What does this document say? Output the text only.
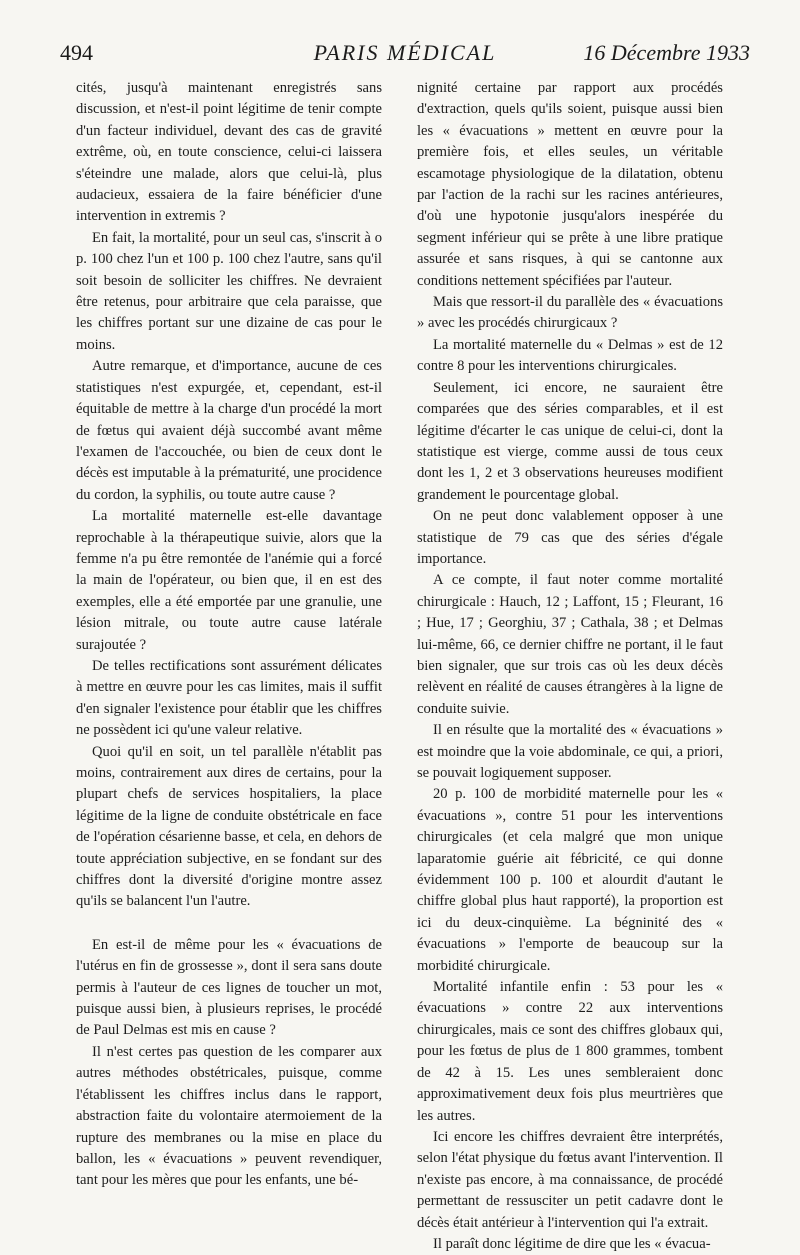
494	PARIS MÉDICAL	16 Décembre 1933

cités, jusqu'à maintenant enregistrés sans discussion, et n'est-il point légitime de tenir compte d'un facteur individuel, devant des cas de gravité extrême, où, en toute conscience, celui-ci laissera s'éteindre une malade, alors que celui-là, plus audacieux, essaiera de la faire bénéficier d'une intervention in extremis ?

En fait, la mortalité, pour un seul cas, s'inscrit à o p. 100 chez l'un et 100 p. 100 chez l'autre, sans qu'il soit besoin de solliciter les chiffres. Ne devraient être retenus, pour arbitraire que cela paraisse, que les chiffres portant sur une dizaine de cas pour le moins.

Autre remarque, et d'importance, aucune de ces statistiques n'est expurgée, et, cependant, est-il équitable de mettre à la charge d'un procédé la mort de fœtus qui avaient déjà succombé avant même l'examen de l'accouchée, ou bien de ceux dont le décès est imputable à la prématurité, une procidence du cordon, la syphilis, ou toute autre cause ?

La mortalité maternelle est-elle davantage reprochable à la thérapeutique suivie, alors que la femme n'a pu être remontée de l'anémie qui a forcé la main de l'opérateur, ou bien que, il en est des exemples, elle a été emportée par une granulie, une lésion mitrale, ou toute autre cause latérale surajoutée ?

De telles rectifications sont assurément délicates à mettre en œuvre pour les cas limites, mais il suffit d'en signaler l'existence pour établir que les chiffres ne possèdent ici qu'une valeur relative.

Quoi qu'il en soit, un tel parallèle n'établit pas moins, contrairement aux dires de certains, pour la plupart chefs de services hospitaliers, la place légitime de la ligne de conduite obstétricale en face de l'opération césarienne basse, et cela, en dehors de toute appréciation subjective, en se fondant sur des chiffres dont la diversité d'origine montre assez qu'ils se balancent l'un l'autre.

En est-il de même pour les « évacuations de l'utérus en fin de grossesse », dont il sera sans doute permis à l'auteur de ces lignes de toucher un mot, puisque aussi bien, à plusieurs reprises, le procédé de Paul Delmas est mis en cause ?

Il n'est certes pas question de les comparer aux autres méthodes obstétricales, puisque, comme l'établissent les chiffres inclus dans le rapport, abstraction faite du volontaire atermoiement de la rupture des membranes ou la mise en place du ballon, les « évacuations » peuvent revendiquer, tant pour les mères que pour les enfants, une bé-

nignité certaine par rapport aux procédés d'extraction, quels qu'ils soient, puisque aussi bien les « évacuations » mettent en œuvre pour la première fois, et elles seules, un véritable escamotage physiologique de la dilatation, obtenu par l'action de la rachi sur les racines antérieures, d'où une hypotonie jusqu'alors inespérée du segment inférieur qui se prête à une libre pratique assurée et sans risques, à qui se cantonne aux conditions nettement spécifiées par l'auteur.

Mais que ressort-il du parallèle des « évacuations » avec les procédés chirurgicaux ?

La mortalité maternelle du « Delmas » est de 12 contre 8 pour les interventions chirurgicales.

Seulement, ici encore, ne sauraient être comparées que des séries comparables, et il est légitime d'écarter le cas unique de celui-ci, dont la statistique est vierge, comme aussi de tous ceux dont les 1, 2 et 3 observations heureuses modifient grandement le pourcentage global.

On ne peut donc valablement opposer à une statistique de 79 cas que des séries d'égale importance.

A ce compte, il faut noter comme mortalité chirurgicale : Hauch, 12 ; Laffont, 15 ; Fleurant, 16 ; Hue, 17 ; Georghiu, 37 ; Cathala, 38 ; et Delmas lui-même, 66, ce dernier chiffre ne portant, il le faut bien signaler, que sur trois cas où les deux décès relèvent en réalité de causes étrangères à la ligne de conduite suivie.

Il en résulte que la mortalité des « évacuations » est moindre que la voie abdominale, ce qui, a priori, se pouvait logiquement supposer.

20 p. 100 de morbidité maternelle pour les « évacuations », contre 51 pour les interventions chirurgicales (et cela malgré que mon unique laparatomie guérie ait fébricité, ce qui donne évidemment 100 p. 100 et alourdit d'autant le chiffre global plus haut rapporté), la proportion est ici du deux-cinquième. La bégninité des « évacuations » l'emporte de beaucoup sur la morbidité chirurgicale.

Mortalité infantile enfin : 53 pour les « évacuations » contre 22 aux interventions chirurgicales, mais ce sont des chiffres globaux qui, pour les fœtus de plus de 1 800 grammes, tombent de 42 à 15. Les unes sembleraient donc approximativement deux fois plus meurtrières que les autres.

Ici encore les chiffres devraient être interprétés, selon l'état physique du fœtus avant l'intervention. Il n'existe pas encore, à ma connaissance, de procédé permettant de ressusciter un petit cadavre dont le décès était antérieur à l'intervention qui l'a extrait.

Il paraît donc légitime de dire que les « évacua-
